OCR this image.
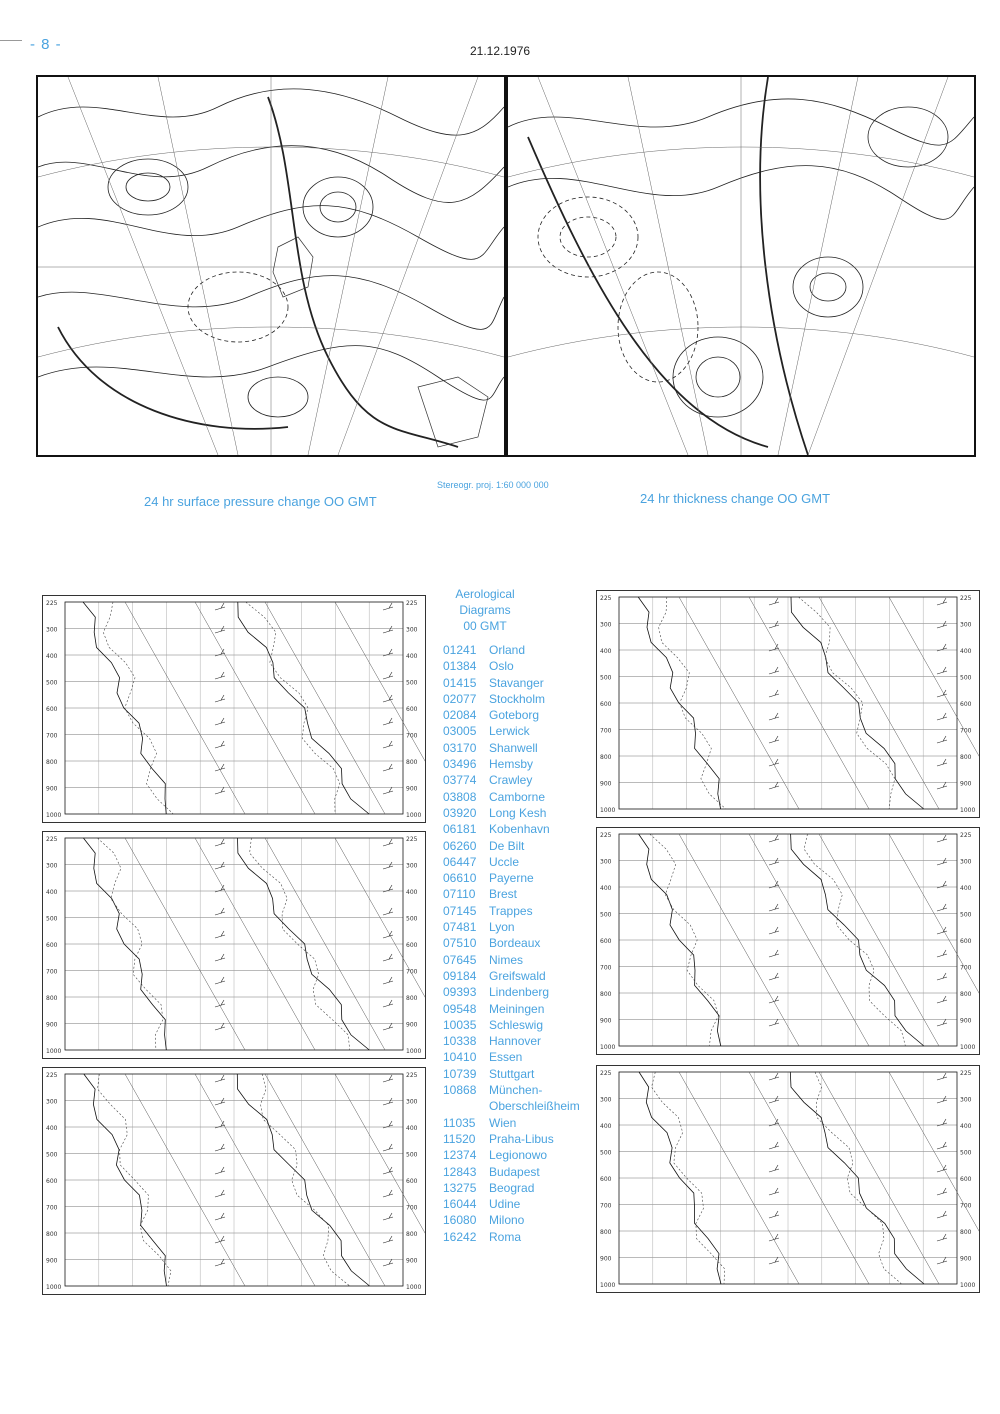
- 8 -	21.12.1976
Stereogr. proj. 1:60 000 000
24 hr surface pressure change OO GMT	24 hr thickness change OO GMT
225	225
300	300
400	400
500	500
600	600
700	700
800	800
900	900
1000	1000
225	225
300	300
400	400
500	500
600	600
700	700
800	800
900	900
1000	1000
225	225
300	300
400	400
500	500
600	600
700	700
800	800
900	900
1000	1000
225	225
300	300
400	400
500	500
600	600
700	700
800	800
900	900
1000	1000
225	225
300	300
400	400
500	500
600	600
700	700
800	800
900	900
1000	1000
225	225
300	300
400	400
500	500
600	600
700	700
800	800
900	900
1000	1000
Aerological
Diagrams
00 GMT
01241	Orland
01384	Oslo
01415	Stavanger
02077	Stockholm
02084	Goteborg
03005	Lerwick
03170	Shanwell
03496	Hemsby
03774	Crawley
03808	Camborne
03920	Long Kesh
06181	Kobenhavn
06260	De Bilt
06447	Uccle
06610	Payerne
07110	Brest
07145	Trappes
07481	Lyon
07510	Bordeaux
07645	Nimes
09184	Greifswald
09393	Lindenberg
09548	Meiningen
10035	Schleswig
10338	Hannover
10410	Essen
10739	Stuttgart
10868	München-
Oberschleißheim
11035	Wien
11520	Praha-Libus
12374	Legionowo
12843	Budapest
13275	Beograd
16044	Udine
16080	Milono
16242	Roma
